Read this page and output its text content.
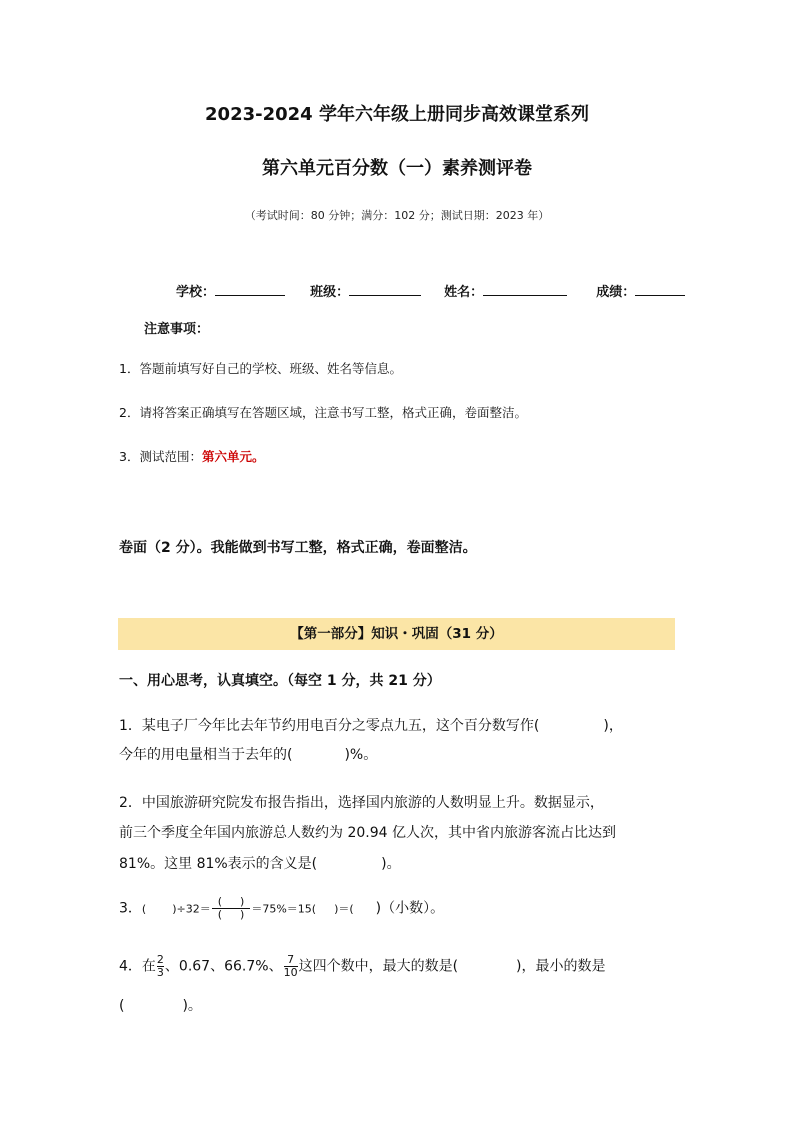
2023-2024 学年六年级上册同步高效课堂系列
第六单元百分数（一）素养测评卷
（考试时间：80 分钟；满分：102 分；测试日期：2023 年）
学校：	班级：	姓名：	成绩：
注意事项：
1．答题前填写好自己的学校、班级、姓名等信息。
2．请将答案正确填写在答题区域，注意书写工整，格式正确，卷面整洁。
3．测试范围：第六单元。
卷面（2 分）。我能做到书写工整，格式正确，卷面整洁。
【第一部分】知识・巩固（31 分）
一、用心思考，认真填空。（每空 1 分，共 21 分）
1．某电子厂今年比去年节约用电百分之零点九五，这个百分数写作(	)，
今年的用电量相当于去年的(	)%。
2．中国旅游研究院发布报告指出，选择国内旅游的人数明显上升。数据显示，
前三个季度全年国内旅游总人数约为 20.94 亿人次，其中省内旅游客流占比达到
81%。这里 81%表示的含义是(	)。
3．( )$\div 32= \frac{( )}{( )} =75\%=15$( )＝( )（小数）。
4．在 $\frac{2}{3}$ 、0.67、66.7%、 $\frac{7}{10}$ 这四个数中，最大的数是(	)，最小的数是
(	)。
